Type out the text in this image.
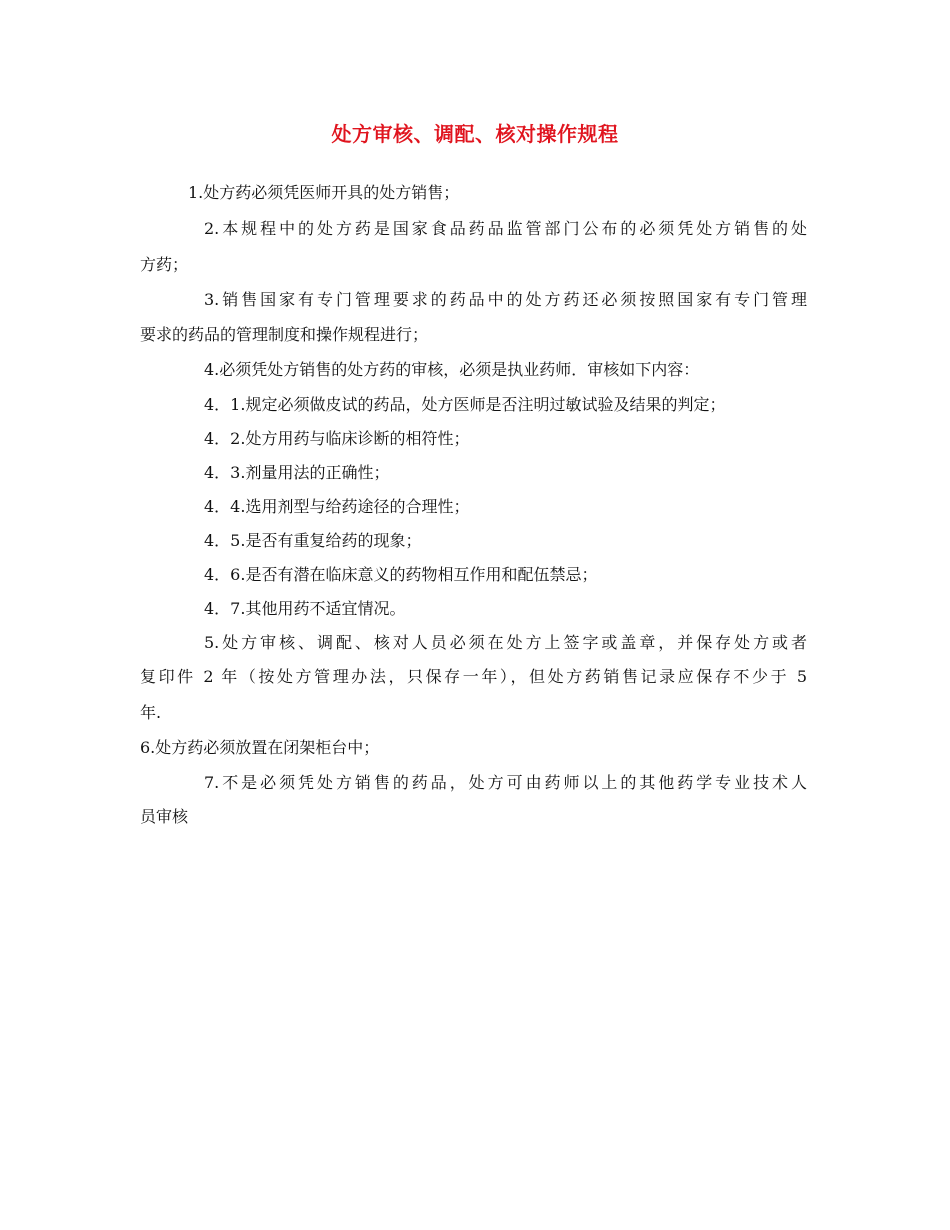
处方审核、调配、核对操作规程
1.处方药必须凭医师开具的处方销售；
2.本规程中的处方药是国家食品药品监管部门公布的必须凭处方销售的处
方药；
3.销售国家有专门管理要求的药品中的处方药还必须按照国家有专门管理
要求的药品的管理制度和操作规程进行；
4.必须凭处方销售的处方药的审核，必须是执业药师．审核如下内容：
4．1.规定必须做皮试的药品，处方医师是否注明过敏试验及结果的判定；
4．2.处方用药与临床诊断的相符性；
4．3.剂量用法的正确性；
4．4.选用剂型与给药途径的合理性；
4．5.是否有重复给药的现象；
4．6.是否有潜在临床意义的药物相互作用和配伍禁忌；
4．7.其他用药不适宜情况。
5.处方审核、调配、核对人员必须在处方上签字或盖章，并保存处方或者
复印件 2 年（按处方管理办法，只保存一年），但处方药销售记录应保存不少于 5
年.
6.处方药必须放置在闭架柜台中；
7.不是必须凭处方销售的药品，处方可由药师以上的其他药学专业技术人
员审核
